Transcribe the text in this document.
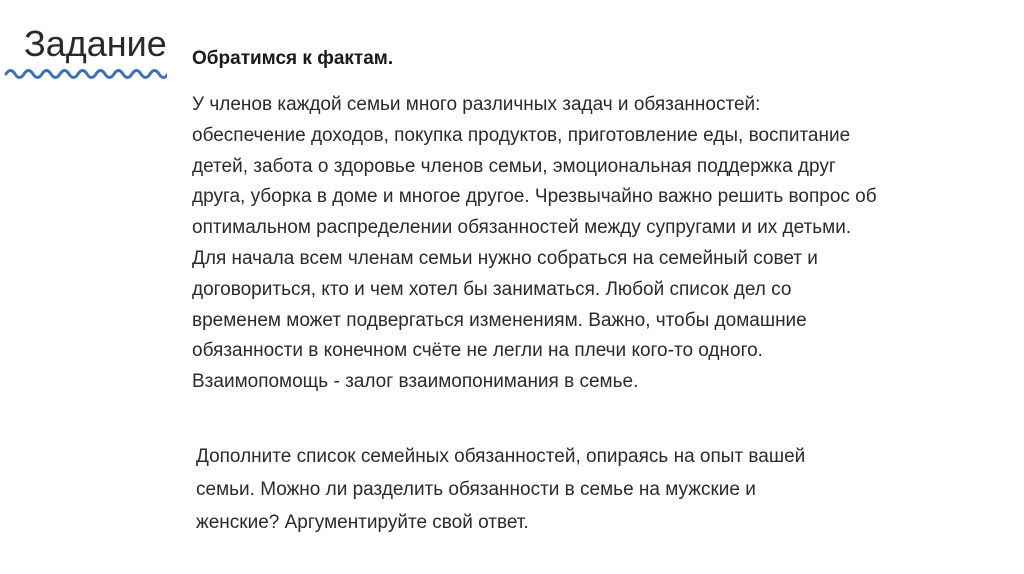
Задание Обратимся к фактам.
У членов каждой семьи много различных задач и обязанностей:
обеспечение доходов, покупка продуктов, приготовление еды, воспитание
детей, забота о здоровье членов семьи, эмоциональная поддержка друг
друга, уборка в доме и многое другое. Чрезвычайно важно решить вопрос об
оптимальном распределении обязанностей между супругами и их детьми.
Для начала всем членам семьи нужно собраться на семейный совет и
договориться, кто и чем хотел бы заниматься. Любой список дел со
временем может подвергаться изменениям. Важно, чтобы домашние
обязанности в конечном счёте не легли на плечи кого-то одного.
Взаимопомощь - залог взаимопонимания в семье.
Дополните список семейных обязанностей, опираясь на опыт вашей
семьи. Можно ли разделить обязанности в семье на мужские и
женские? Аргументируйте свой ответ.
